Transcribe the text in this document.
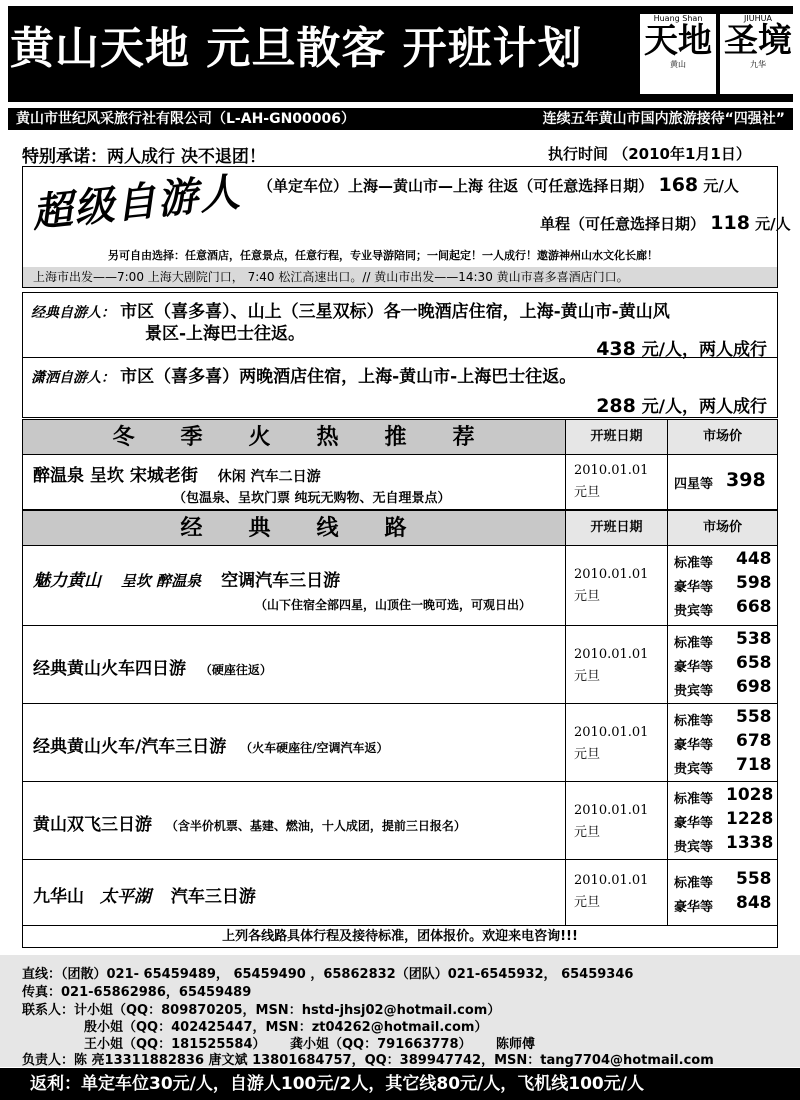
黄山天地 元旦散客 开班计划
Huang Shan
天地
黄山
JIUHUA
圣境
九华
黄山市世纪风采旅行社有限公司（L-AH-GN00006）	连续五年黄山市国内旅游接待“四强社”
特别承诺：两人成行 决不退团！	执行时间 （2010年1月1日）
超级自游人 （单定车位）上海—黄山市—上海 往返（可任意选择日期） 168 元/人
单程（可任意选择日期） 118 元/人
另可自由选择：任意酒店，任意景点，任意行程，专业导游陪同；一间起定！一人成行！遨游神州山水文化长廊！
上海市出发——7:00 上海大剧院门口， 7:40 松江高速出口。// 黄山市出发——14:30 黄山市喜多喜酒店门口。
经典自游人： 市区（喜多喜）、山上（三星双标）各一晚酒店住宿，上海-黄山市-黄山风
景区-上海巴士往返。
438 元/人，两人成行
潇洒自游人： 市区（喜多喜）两晚酒店住宿，上海-黄山市-上海巴士往返。
288 元/人，两人成行
冬季火热推荐	开班日期	市场价
醉温泉 呈坎 宋城老街 休闲 汽车二日游
（包温泉、呈坎门票 纯玩无购物、无自理景点）
2010.01.01
元旦
四星等 398
经典线路	开班日期	市场价
魅力黄山 呈坎 醉温泉 空调汽车三日游
（山下住宿全部四星，山顶住一晚可选，可观日出）
2010.01.01
元旦
标准等 448
豪华等 598
贵宾等 668
经典黄山火车四日游 （硬座往返）
2010.01.01
元旦
标准等 538
豪华等 658
贵宾等 698
经典黄山火车/汽车三日游 （火车硬座往/空调汽车返）
2010.01.01
元旦
标准等 558
豪华等 678
贵宾等 718
黄山双飞三日游 （含半价机票、基建、燃油，十人成团，提前三日报名）
2010.01.01
元旦
标准等 1028
豪华等 1228
贵宾等 1338
九华山 太平湖 汽车三日游
2010.01.01
元旦
标准等 558
豪华等 848
上列各线路具体行程及接待标准，团体报价。欢迎来电咨询!!!
直线：（团散）021- 65459489， 65459490 ，65862832（团队）021-6545932， 65459346
传真：021-65862986，65459489
联系人：计小姐（QQ：809870205，MSN：hstd-jhsj02@hotmail.com）
殷小姐（QQ：402425447，MSN：zt04262@hotmail.com）
王小姐（QQ：181525584） 龚小姐（QQ：791663778） 陈师傅
负责人：陈 亮13311882836 唐文斌 13801684757，QQ：389947742，MSN：tang7704@hotmail.com
返利：单定车位30元/人，自游人100元/2人，其它线80元/人，飞机线100元/人
